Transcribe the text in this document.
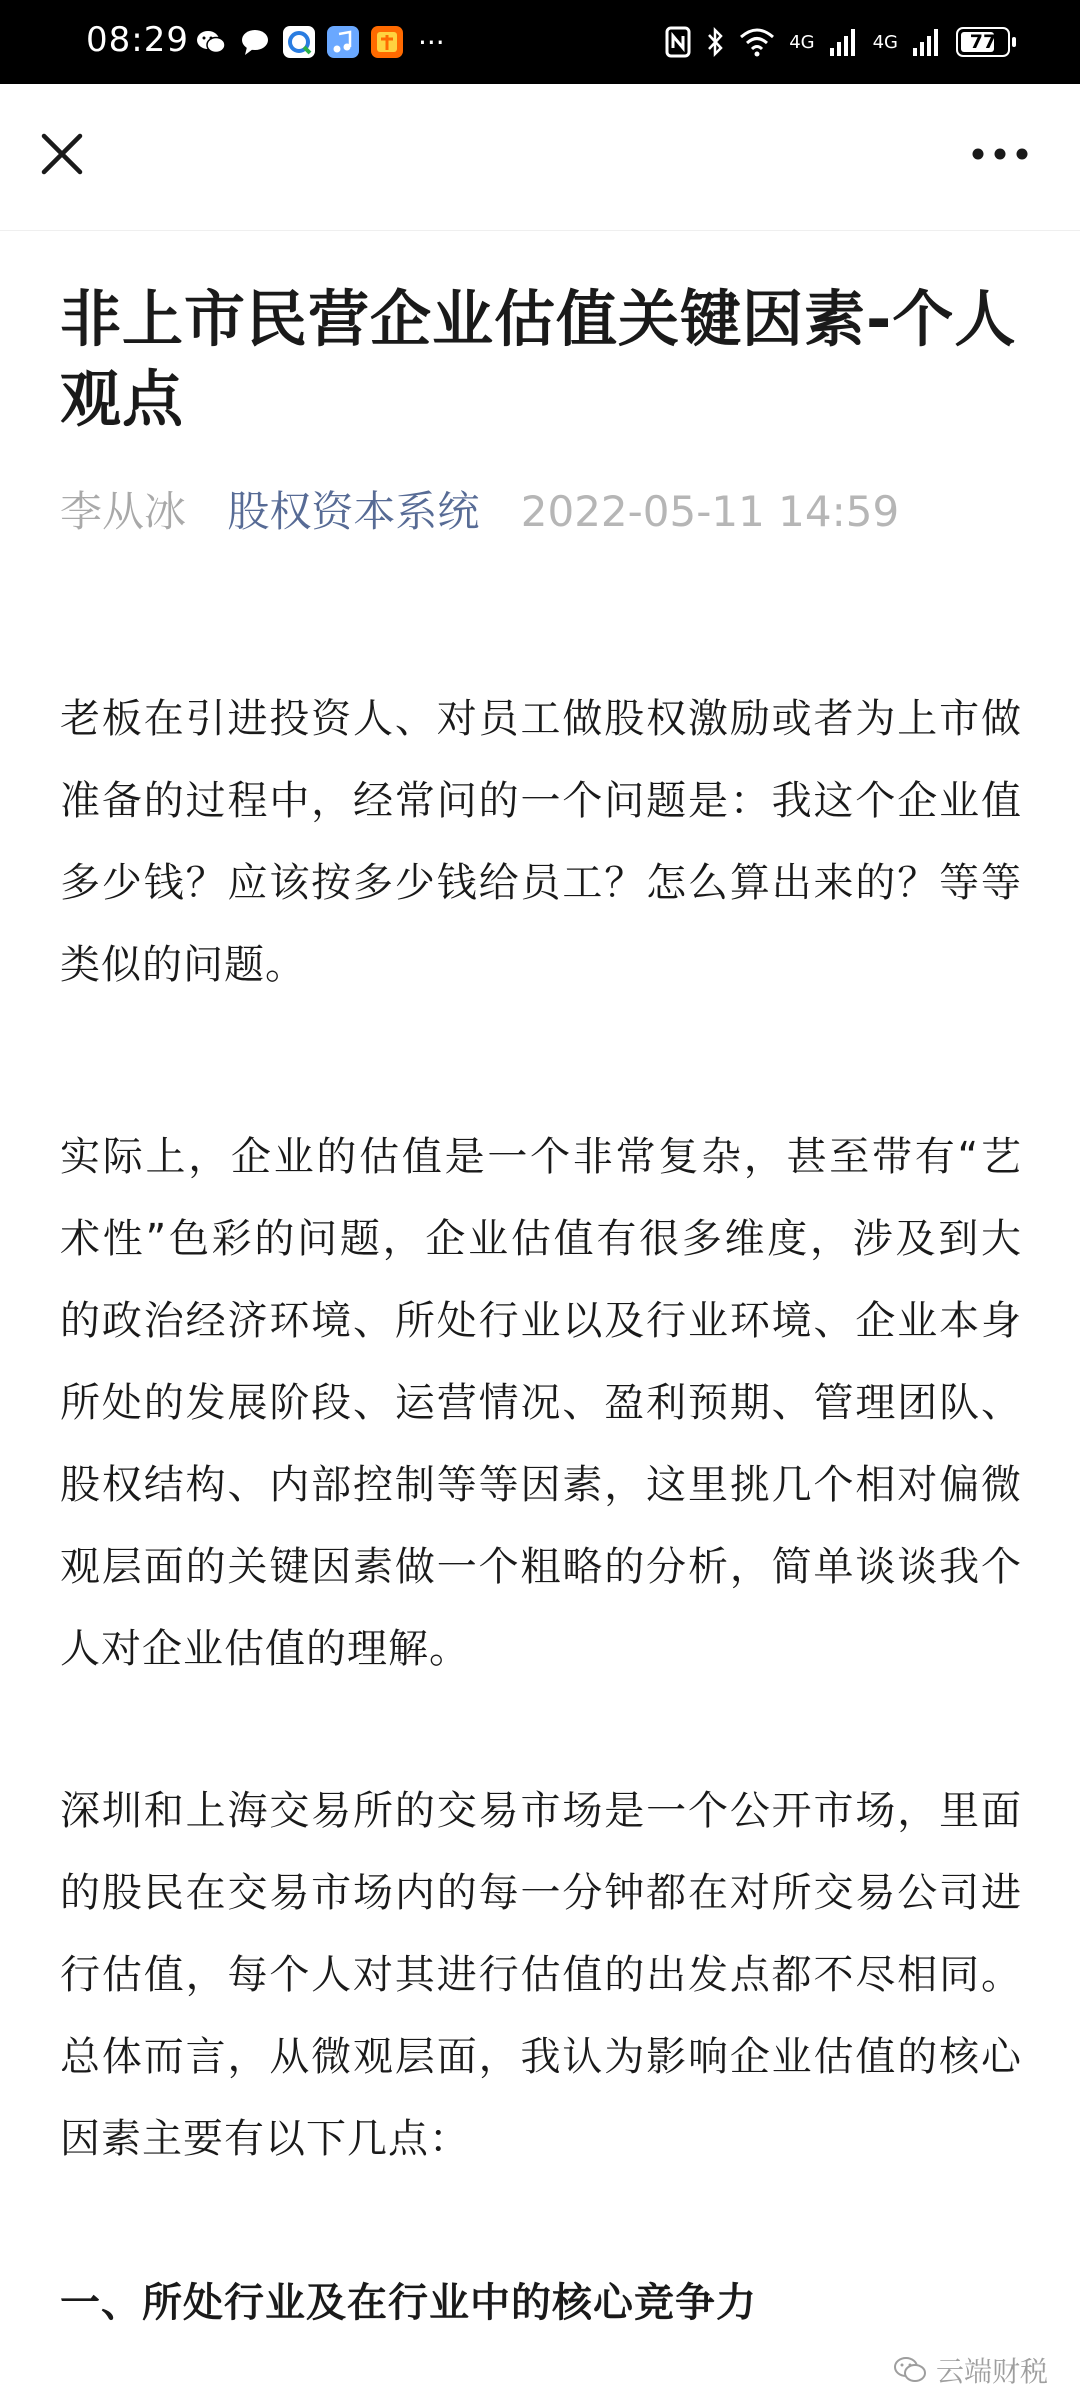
08:29	···	4G	4G	77
非上市民营企业估值关键因素-个人观点
李从冰 股权资本系统 2022-05-11 14:59

老板在引进投资人、对员工做股权激励或者为上市做准备的过程中，经常问的一个问题是：我这个企业值多少钱？应该按多少钱给员工？怎么算出来的？等等类似的问题。

实际上，企业的估值是一个非常复杂，甚至带有“艺术性”色彩的问题，企业估值有很多维度，涉及到大的政治经济环境、所处行业以及行业环境、企业本身所处的发展阶段、运营情况、盈利预期、管理团队、股权结构、内部控制等等因素，这里挑几个相对偏微观层面的关键因素做一个粗略的分析，简单谈谈我个人对企业估值的理解。

深圳和上海交易所的交易市场是一个公开市场，里面的股民在交易市场内的每一分钟都在对所交易公司进行估值，每个人对其进行估值的出发点都不尽相同。总体而言，从微观层面，我认为影响企业估值的核心因素主要有以下几点：

一、所处行业及在行业中的核心竞争力
云端财税
